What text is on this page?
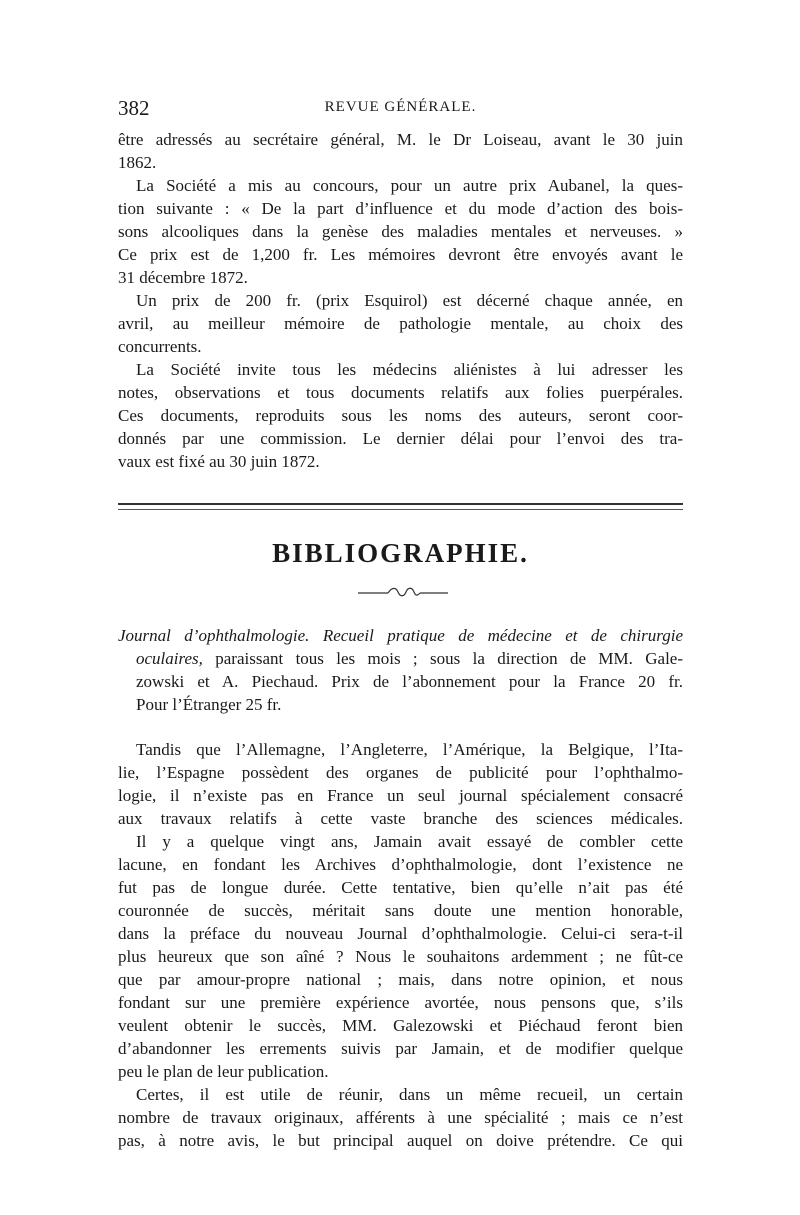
382	REVUE GÉNÉRALE.
être adressés au secrétaire général, M. le Dr Loiseau, avant le 30 juin
1862.
La Société a mis au concours, pour un autre prix Aubanel, la ques-
tion suivante : « De la part d’influence et du mode d’action des bois-
sons alcooliques dans la genèse des maladies mentales et nerveuses. »
Ce prix est de 1,200 fr. Les mémoires devront être envoyés avant le
31 décembre 1872.
Un prix de 200 fr. (prix Esquirol) est décerné chaque année, en
avril, au meilleur mémoire de pathologie mentale, au choix des
concurrents.
La Société invite tous les médecins aliénistes à lui adresser les
notes, observations et tous documents relatifs aux folies puerpérales.
Ces documents, reproduits sous les noms des auteurs, seront coor-
donnés par une commission. Le dernier délai pour l’envoi des tra-
vaux est fixé au 30 juin 1872.
BIBLIOGRAPHIE.
Journal d’ophthalmologie. Recueil pratique de médecine et de chirurgie
oculaires, paraissant tous les mois ; sous la direction de MM. Gale-
zowski et A. Piechaud. Prix de l’abonnement pour la France 20 fr.
Pour l’Étranger 25 fr.
Tandis que l’Allemagne, l’Angleterre, l’Amérique, la Belgique, l’Ita-
lie, l’Espagne possèdent des organes de publicité pour l’ophthalmo-
logie, il n’existe pas en France un seul journal spécialement consacré
aux travaux relatifs à cette vaste branche des sciences médicales.
Il y a quelque vingt ans, Jamain avait essayé de combler cette
lacune, en fondant les Archives d’ophthalmologie, dont l’existence ne
fut pas de longue durée. Cette tentative, bien qu’elle n’ait pas été
couronnée de succès, méritait sans doute une mention honorable,
dans la préface du nouveau Journal d’ophthalmologie. Celui-ci sera-t-il
plus heureux que son aîné ? Nous le souhaitons ardemment ; ne fût-ce
que par amour-propre national ; mais, dans notre opinion, et nous
fondant sur une première expérience avortée, nous pensons que, s’ils
veulent obtenir le succès, MM. Galezowski et Piéchaud feront bien
d’abandonner les errements suivis par Jamain, et de modifier quelque
peu le plan de leur publication.
Certes, il est utile de réunir, dans un même recueil, un certain
nombre de travaux originaux, afférents à une spécialité ; mais ce n’est
pas, à notre avis, le but principal auquel on doive prétendre. Ce qui
